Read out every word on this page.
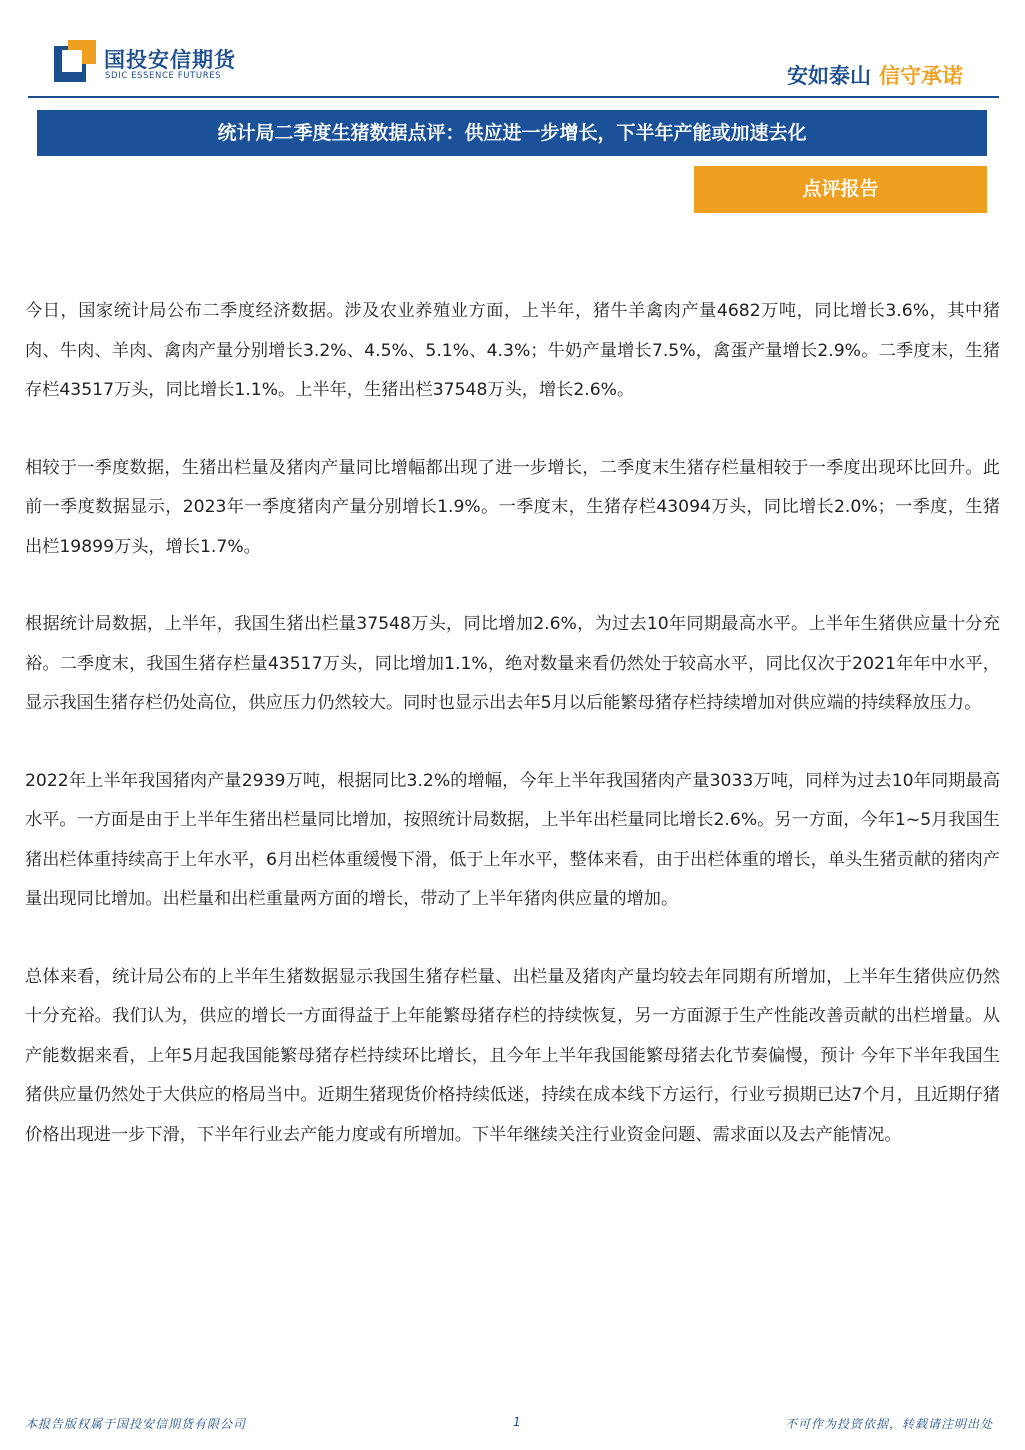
国投安信期货
SDIC ESSENCE FUTURES	安如泰山 信守承诺
统计局二季度生猪数据点评：供应进一步增长，下半年产能或加速去化
点评报告

今日，国家统计局公布二季度经济数据。涉及农业养殖业方面，上半年，猪牛羊禽肉产量4682万吨，同比增长3.6%，其中猪肉、牛肉、羊肉、禽肉产量分别增长3.2%、4.5%、5.1%、4.3%；牛奶产量增长7.5%，禽蛋产量增长2.9%。二季度末，生猪存栏43517万头，同比增长1.1%。上半年，生猪出栏37548万头，增长2.6%。

相较于一季度数据，生猪出栏量及猪肉产量同比增幅都出现了进一步增长，二季度末生猪存栏量相较于一季度出现环比回升。此前一季度数据显示，2023年一季度猪肉产量分别增长1.9%。一季度末，生猪存栏43094万头，同比增长2.0%；一季度，生猪出栏19899万头，增长1.7%。

根据统计局数据，上半年，我国生猪出栏量37548万头，同比增加2.6%，为过去10年同期最高水平。上半年生猪供应量十分充裕。二季度末，我国生猪存栏量43517万头，同比增加1.1%，绝对数量来看仍然处于较高水平，同比仅次于2021年年中水平，显示我国生猪存栏仍处高位，供应压力仍然较大。同时也显示出去年5月以后能繁母猪存栏持续增加对供应端的持续释放压力。

2022年上半年我国猪肉产量2939万吨，根据同比3.2%的增幅，今年上半年我国猪肉产量3033万吨，同样为过去10年同期最高水平。一方面是由于上半年生猪出栏量同比增加，按照统计局数据，上半年出栏量同比增长2.6%。另一方面，今年1~5月我国生猪出栏体重持续高于上年水平，6月出栏体重缓慢下滑，低于上年水平，整体来看，由于出栏体重的增长，单头生猪贡献的猪肉产量出现同比增加。出栏量和出栏重量两方面的增长，带动了上半年猪肉供应量的增加。

总体来看，统计局公布的上半年生猪数据显示我国生猪存栏量、出栏量及猪肉产量均较去年同期有所增加，上半年生猪供应仍然十分充裕。我们认为，供应的增长一方面得益于上年能繁母猪存栏的持续恢复，另一方面源于生产性能改善贡献的出栏增量。从产能数据来看，上年5月起我国能繁母猪存栏持续环比增长，且今年上半年我国能繁母猪去化节奏偏慢，预计 今年下半年我国生猪供应量仍然处于大供应的格局当中。近期生猪现货价格持续低迷，持续在成本线下方运行，行业亏损期已达7个月，且近期仔猪价格出现进一步下滑，下半年行业去产能力度或有所增加。下半年继续关注行业资金问题、需求面以及去产能情况。

本报告版权属于国投安信期货有限公司	1	不可作为投资依据，转载请注明出处
